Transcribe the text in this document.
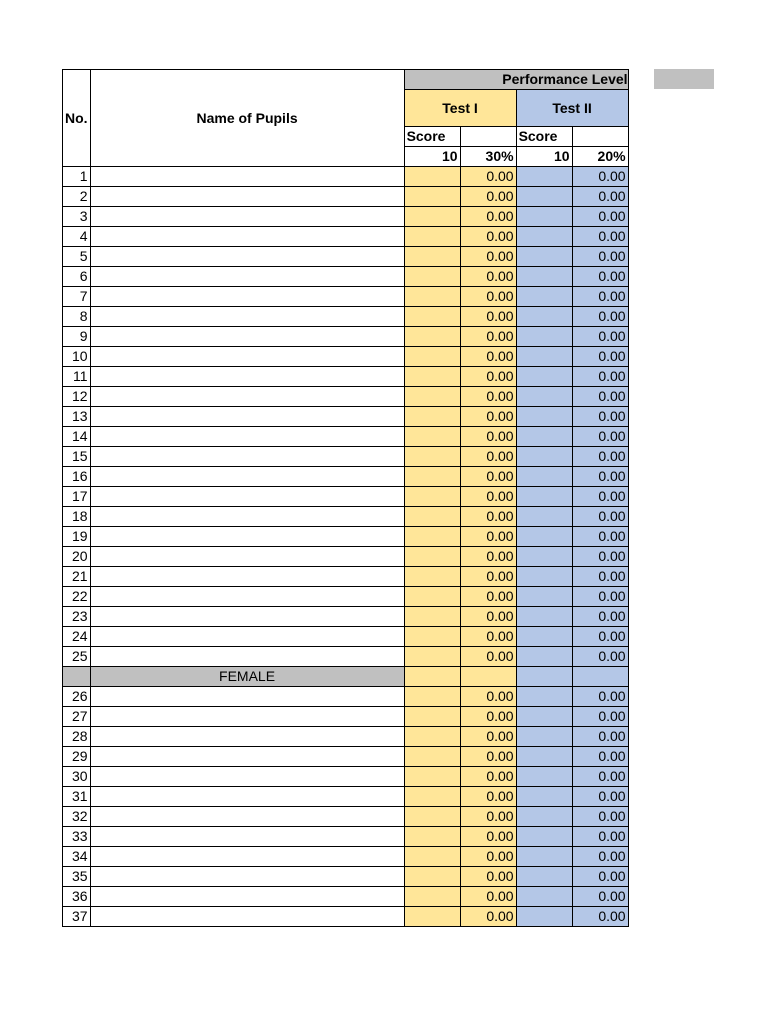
No.	Name of Pupils	Performance Level			
		Test I		Test II	
		Score		Score	
		10	30%	10	20%
1			0.00		0.00
2			0.00		0.00
3			0.00		0.00
4			0.00		0.00
5			0.00		0.00
6			0.00		0.00
7			0.00		0.00
8			0.00		0.00
9			0.00		0.00
10			0.00		0.00
11			0.00		0.00
12			0.00		0.00
13			0.00		0.00
14			0.00		0.00
15			0.00		0.00
16			0.00		0.00
17			0.00		0.00
18			0.00		0.00
19			0.00		0.00
20			0.00		0.00
21			0.00		0.00
22			0.00		0.00
23			0.00		0.00
24			0.00		0.00
25			0.00		0.00
	FEMALE				
26			0.00		0.00
27			0.00		0.00
28			0.00		0.00
29			0.00		0.00
30			0.00		0.00
31			0.00		0.00
32			0.00		0.00
33			0.00		0.00
34			0.00		0.00
35			0.00		0.00
36			0.00		0.00
37			0.00		0.00
